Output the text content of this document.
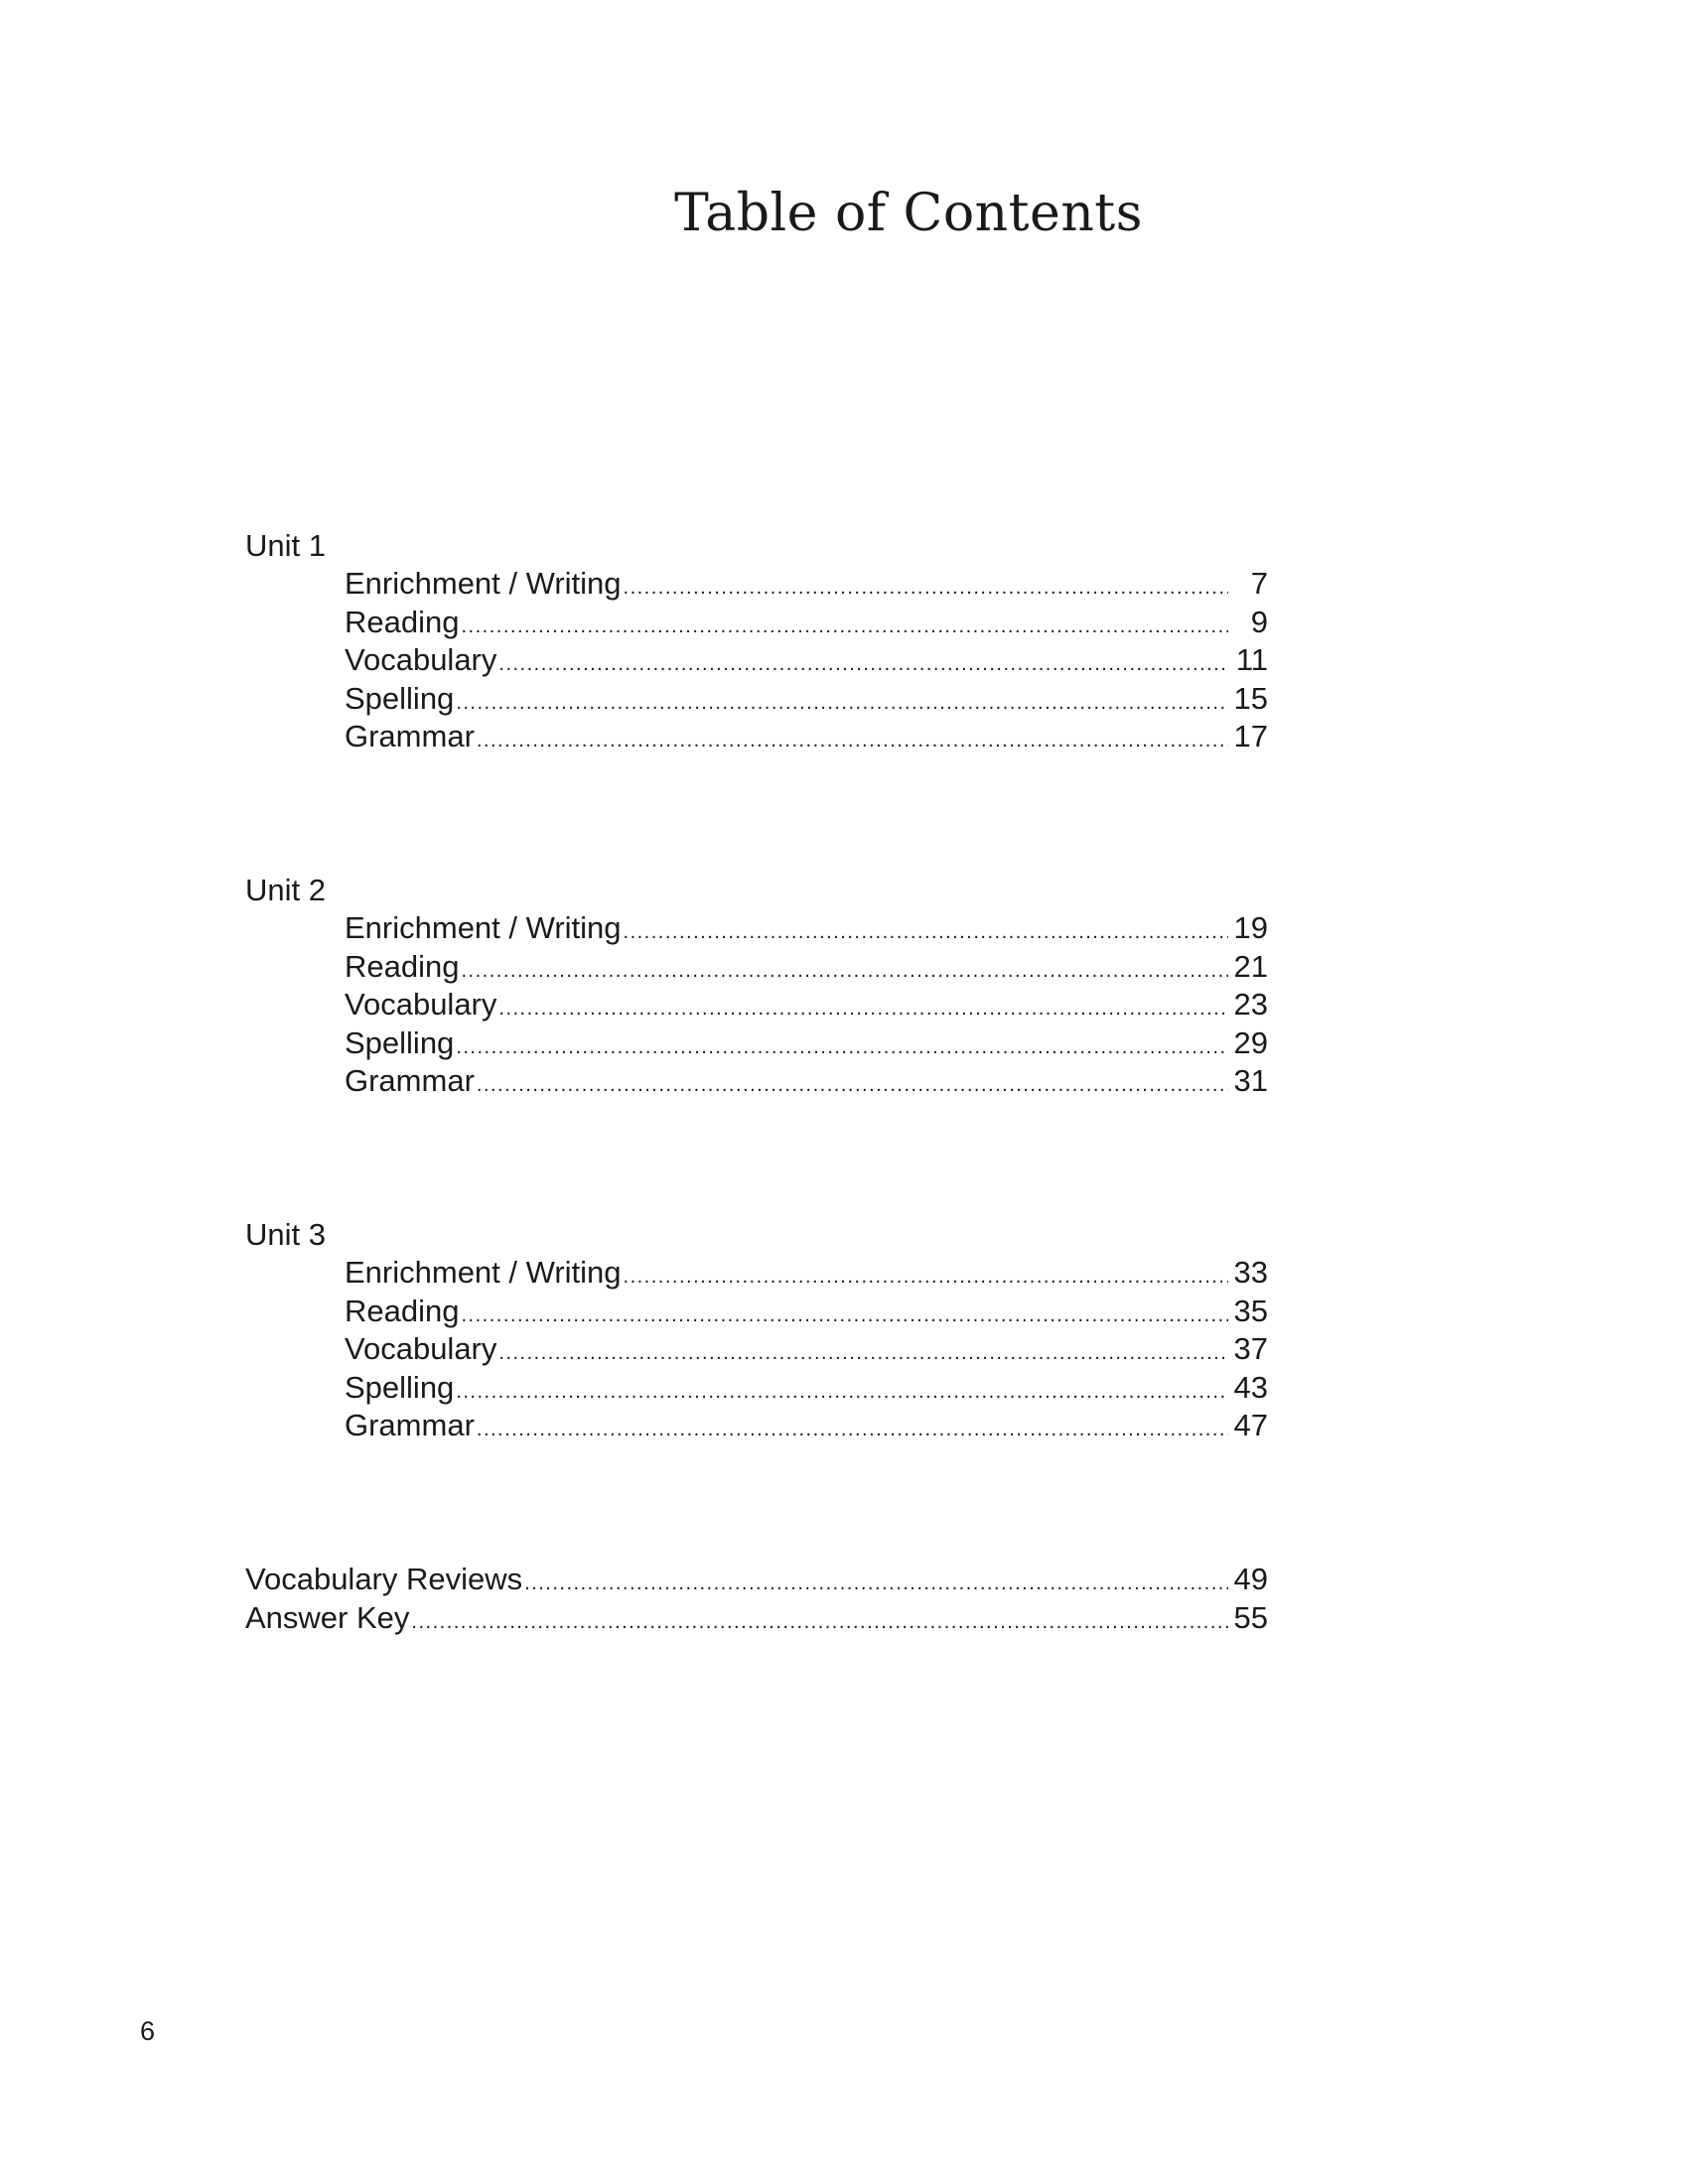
Table of Contents
Unit 1
Enrichment / Writing .....	7
Reading .....	9
Vocabulary .....	11
Spelling .....	15
Grammar .....	17
Unit 2
Enrichment / Writing .....	19
Reading .....	21
Vocabulary .....	23
Spelling .....	29
Grammar .....	31
Unit 3
Enrichment / Writing .....	33
Reading .....	35
Vocabulary .....	37
Spelling .....	43
Grammar .....	47
Vocabulary Reviews .....	49
Answer Key .....	55
6
